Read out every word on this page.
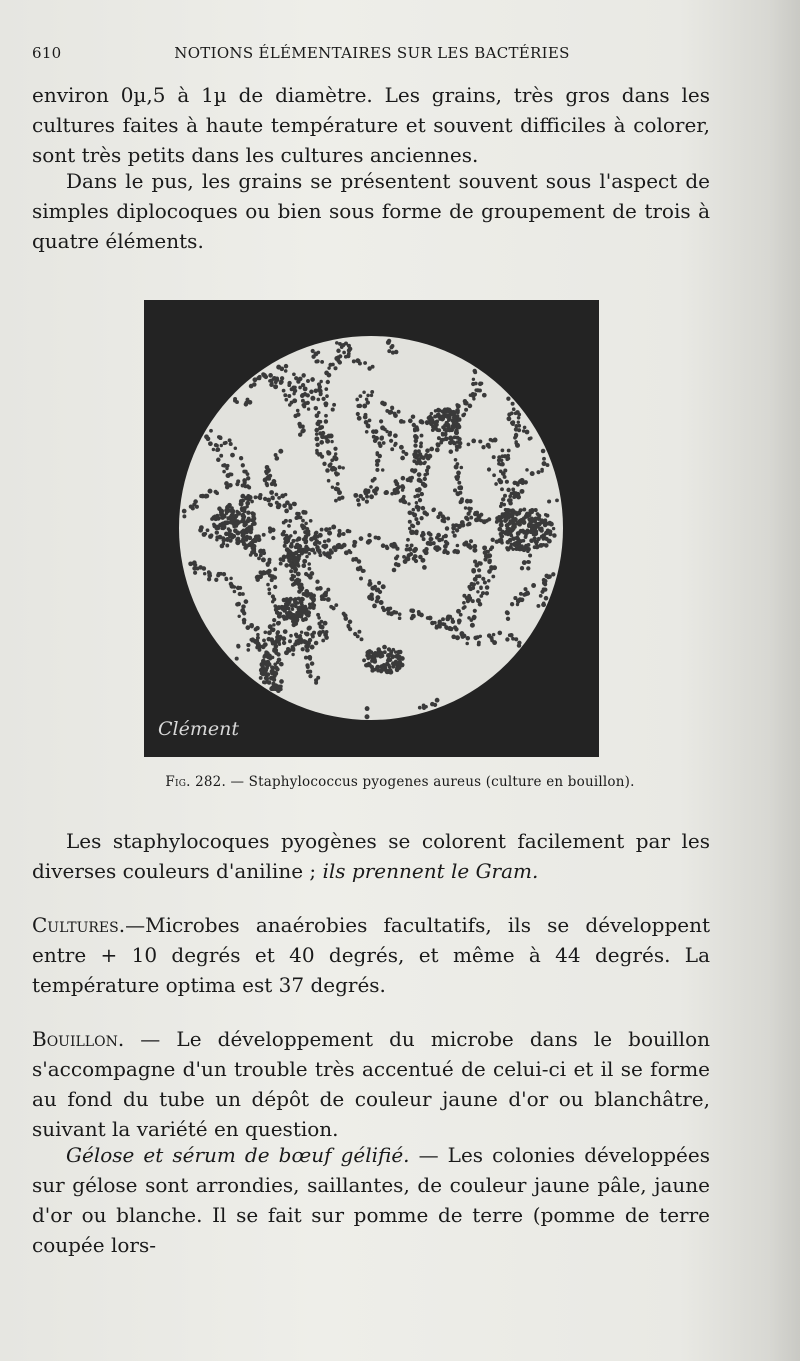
610	NOTIONS ÉLÉMENTAIRES SUR LES BACTÉRIES

environ 0µ,5 à 1µ de diamètre. Les grains, très gros dans les cultures faites à haute température et souvent difficiles à colorer, sont très petits dans les cultures anciennes.

Dans le pus, les grains se présentent souvent sous l'aspect de simples diplocoques ou bien sous forme de groupement de trois à quatre éléments.

Clément
Fig. 282. — Staphylococcus pyogenes aureus (culture en bouillon).

Les staphylocoques pyogènes se colorent facilement par les diverses couleurs d'aniline ; ils prennent le Gram.

Cultures.—Microbes anaérobies facultatifs, ils se développent entre + 10 degrés et 40 degrés, et même à 44 degrés. La température optima est 37 degrés.

Bouillon. — Le développement du microbe dans le bouillon s'accompagne d'un trouble très accentué de celui-ci et il se forme au fond du tube un dépôt de couleur jaune d'or ou blanchâtre, suivant la variété en question.

Gélose et sérum de bœuf gélifié. — Les colonies développées sur gélose sont arrondies, saillantes, de couleur jaune pâle, jaune d'or ou blanche. Il se fait sur pomme de terre (pomme de terre coupée lors-
